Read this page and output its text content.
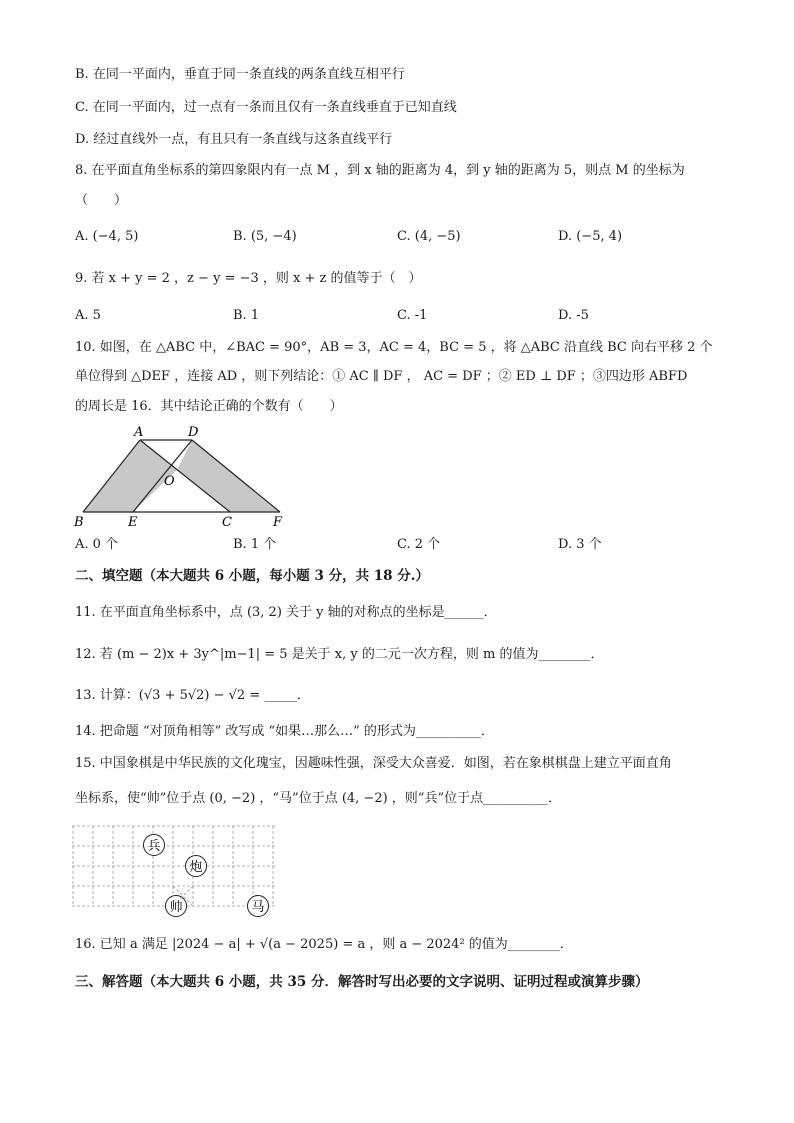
B. 在同一平面内，垂直于同一条直线的两条直线互相平行
C. 在同一平面内，过一点有一条而且仅有一条直线垂直于已知直线
D. 经过直线外一点，有且只有一条直线与这条直线平行
8. 在平面直角坐标系的第四象限内有一点 M ，到 x 轴的距离为 4，到 y 轴的距离为 5，则点 M 的坐标为
（　　）
A. (−4, 5)	B. (5, −4)	C. (4, −5)	D. (−5, 4)
9. 若 x + y = 2 ，z − y = −3 ，则 x + z 的值等于（　）
A. 5	B. 1	C. -1	D. -5
10. 如图，在 △ABC 中，∠BAC = 90°，AB = 3，AC = 4，BC = 5 ，将 △ABC 沿直线 BC 向右平移 2 个
单位得到 △DEF ，连接 AD ，则下列结论：① AC ∥ DF ， AC = DF ；② ED ⊥ DF ；③四边形 ABFD
的周长是 16．其中结论正确的个数有（　　）
A	D
O
B	E	C	F
A. 0 个	B. 1 个	C. 2 个	D. 3 个
二、填空题（本大题共 6 小题，每小题 3 分，共 18 分.）
11. 在平面直角坐标系中，点 (3, 2) 关于 y 轴的对称点的坐标是______．
12. 若 (m − 2)x + 3y^|m−1| = 5 是关于 x, y 的二元一次方程，则 m 的值为________．
13. 计算：(√3 + 5√2) − √2 = _____．
14. 把命题 “对顶角相等” 改写成 “如果…那么…” 的形式为__________．
15. 中国象棋是中华民族的文化瑰宝，因趣味性强，深受大众喜爱．如图，若在象棋棋盘上建立平面直角
坐标系，使“帅”位于点 (0, −2) ，“马”位于点 (4, −2) ，则“兵”位于点__________．
兵
炮
帅	马
16. 已知 a 满足 |2024 − a| + √(a − 2025) = a ，则 a − 2024² 的值为________．
三、解答题（本大题共 6 小题，共 35 分．解答时写出必要的文字说明、证明过程或演算步骤）
